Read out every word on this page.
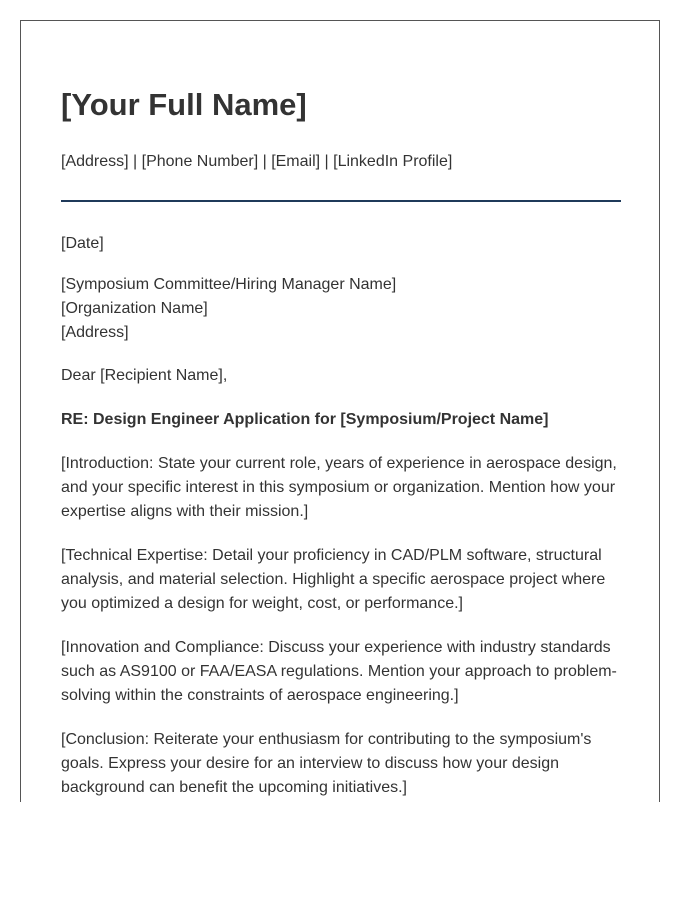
[Your Full Name]
[Address] | [Phone Number] | [Email] | [LinkedIn Profile]
[Date]
[Symposium Committee/Hiring Manager Name]
[Organization Name]
[Address]
Dear [Recipient Name],
RE: Design Engineer Application for [Symposium/Project Name]

[Introduction: State your current role, years of experience in aerospace design, and your specific interest in this symposium or organization. Mention how your expertise aligns with their mission.]

[Technical Expertise: Detail your proficiency in CAD/PLM software, structural analysis, and material selection. Highlight a specific aerospace project where you optimized a design for weight, cost, or performance.]

[Innovation and Compliance: Discuss your experience with industry standards such as AS9100 or FAA/EASA regulations. Mention your approach to problem-solving within the constraints of aerospace engineering.]

[Conclusion: Reiterate your enthusiasm for contributing to the symposium's goals. Express your desire for an interview to discuss how your design background can benefit the upcoming initiatives.]
